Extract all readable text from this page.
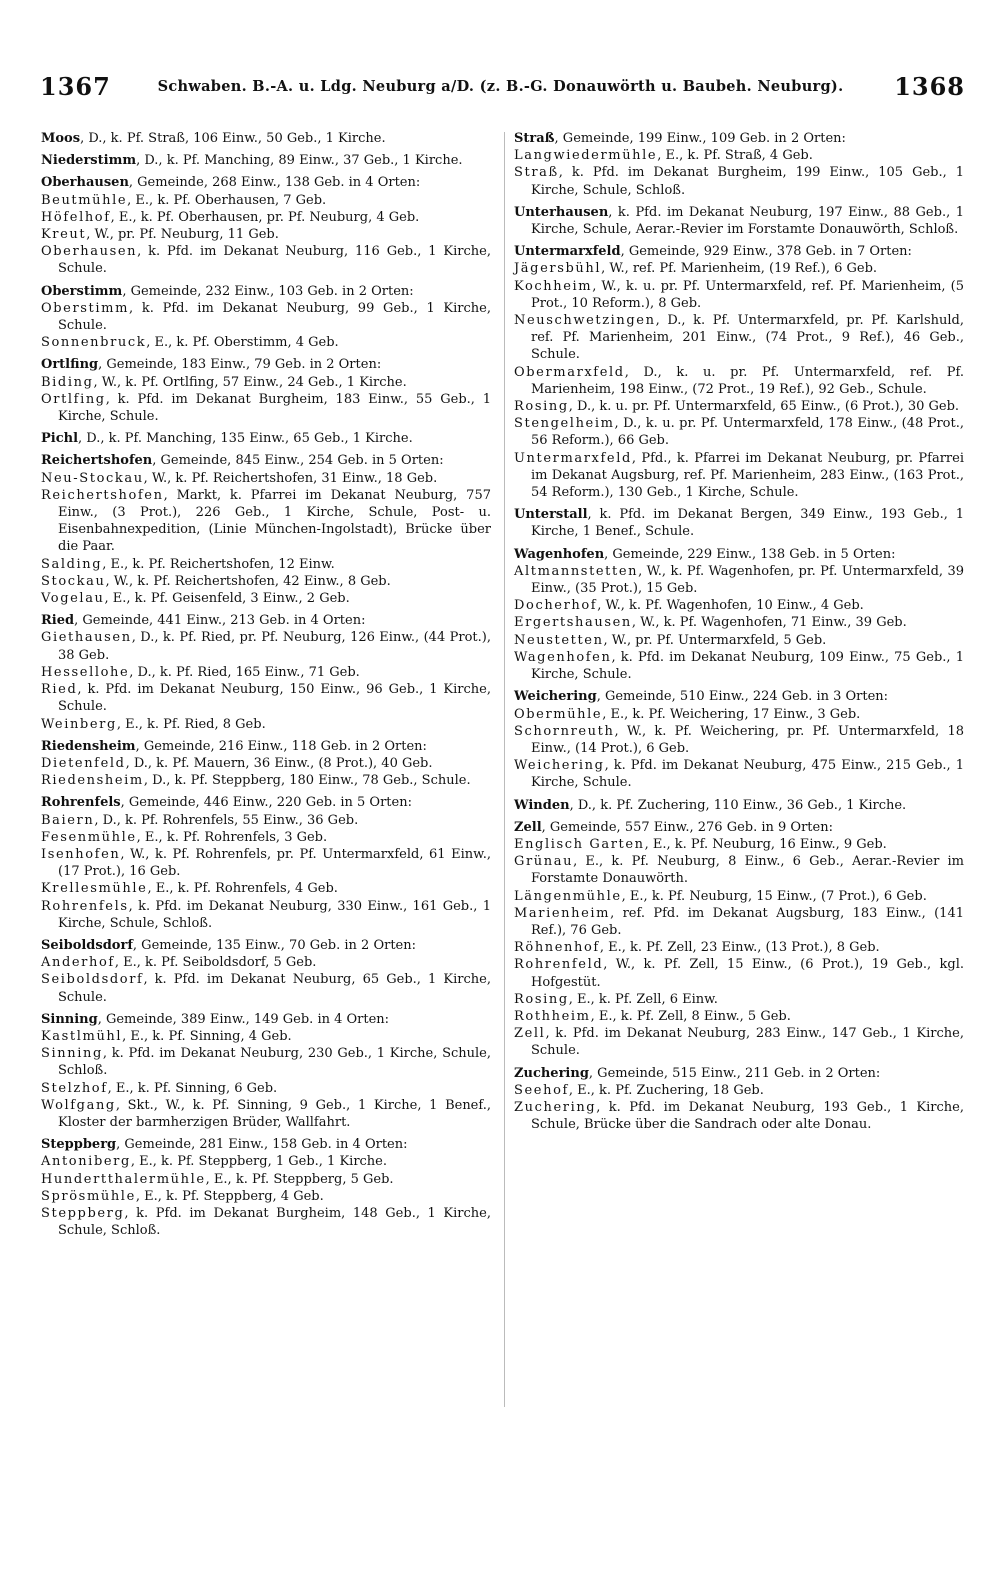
1367	Schwaben. B.-A. u. Ldg. Neuburg a/D. (z. B.-G. Donauwörth u. Baubeh. Neuburg).	1368
Moos, D., k. Pf. Straß, 106 Einw., 50 Geb., 1 Kirche.
Niederstimm, D., k. Pf. Manching, 89 Einw., 37 Geb., 1 Kirche.
Oberhausen, Gemeinde, 268 Einw., 138 Geb. in 4 Orten:
Beutmühle, E., k. Pf. Oberhausen, 7 Geb.
Höfelhof, E., k. Pf. Oberhausen, pr. Pf. Neuburg, 4 Geb.
Kreut, W., pr. Pf. Neuburg, 11 Geb.
Oberhausen, k. Pfd. im Dekanat Neuburg, 116 Geb., 1 Kirche, Schule.
Oberstimm, Gemeinde, 232 Einw., 103 Geb. in 2 Orten:
Oberstimm, k. Pfd. im Dekanat Neuburg, 99 Geb., 1 Kirche, Schule.
Sonnenbruck, E., k. Pf. Oberstimm, 4 Geb.
Ortlfing, Gemeinde, 183 Einw., 79 Geb. in 2 Orten:
Biding, W., k. Pf. Ortlfing, 57 Einw., 24 Geb., 1 Kirche.
Ortlfing, k. Pfd. im Dekanat Burgheim, 183 Einw., 55 Geb., 1 Kirche, Schule.
Pichl, D., k. Pf. Manching, 135 Einw., 65 Geb., 1 Kirche.
Reichertshofen, Gemeinde, 845 Einw., 254 Geb. in 5 Orten:
Neu-Stockau, W., k. Pf. Reichertshofen, 31 Einw., 18 Geb.
Reichertshofen, Markt, k. Pfarrei im Dekanat Neuburg, 757 Einw., (3 Prot.), 226 Geb., 1 Kirche, Schule, Post- u. Eisenbahnexpedition, (Linie München-Ingolstadt), Brücke über die Paar.
Salding, E., k. Pf. Reichertshofen, 12 Einw.
Stockau, W., k. Pf. Reichertshofen, 42 Einw., 8 Geb.
Vogelau, E., k. Pf. Geisenfeld, 3 Einw., 2 Geb.
Ried, Gemeinde, 441 Einw., 213 Geb. in 4 Orten:
Giethausen, D., k. Pf. Ried, pr. Pf. Neuburg, 126 Einw., (44 Prot.), 38 Geb.
Hessellohe, D., k. Pf. Ried, 165 Einw., 71 Geb.
Ried, k. Pfd. im Dekanat Neuburg, 150 Einw., 96 Geb., 1 Kirche, Schule.
Weinberg, E., k. Pf. Ried, 8 Geb.
Riedensheim, Gemeinde, 216 Einw., 118 Geb. in 2 Orten:
Dietenfeld, D., k. Pf. Mauern, 36 Einw., (8 Prot.), 40 Geb.
Riedensheim, D., k. Pf. Steppberg, 180 Einw., 78 Geb., Schule.
Rohrenfels, Gemeinde, 446 Einw., 220 Geb. in 5 Orten:
Baiern, D., k. Pf. Rohrenfels, 55 Einw., 36 Geb.
Fesenmühle, E., k. Pf. Rohrenfels, 3 Geb.
Isenhofen, W., k. Pf. Rohrenfels, pr. Pf. Untermarxfeld, 61 Einw., (17 Prot.), 16 Geb.
Krellesmühle, E., k. Pf. Rohrenfels, 4 Geb.
Rohrenfels, k. Pfd. im Dekanat Neuburg, 330 Einw., 161 Geb., 1 Kirche, Schule, Schloß.
Seiboldsdorf, Gemeinde, 135 Einw., 70 Geb. in 2 Orten:
Anderhof, E., k. Pf. Seiboldsdorf, 5 Geb.
Seiboldsdorf, k. Pfd. im Dekanat Neuburg, 65 Geb., 1 Kirche, Schule.
Sinning, Gemeinde, 389 Einw., 149 Geb. in 4 Orten:
Kastlmühl, E., k. Pf. Sinning, 4 Geb.
Sinning, k. Pfd. im Dekanat Neuburg, 230 Geb., 1 Kirche, Schule, Schloß.
Stelzhof, E., k. Pf. Sinning, 6 Geb.
Wolfgang, Skt., W., k. Pf. Sinning, 9 Geb., 1 Kirche, 1 Benef., Kloster der barmherzigen Brüder, Wallfahrt.
Steppberg, Gemeinde, 281 Einw., 158 Geb. in 4 Orten:
Antoniberg, E., k. Pf. Steppberg, 1 Geb., 1 Kirche.
Hundertthalermühle, E., k. Pf. Steppberg, 5 Geb.
Sprösmühle, E., k. Pf. Steppberg, 4 Geb.
Steppberg, k. Pfd. im Dekanat Burgheim, 148 Geb., 1 Kirche, Schule, Schloß.
Straß, Gemeinde, 199 Einw., 109 Geb. in 2 Orten:
Langwiedermühle, E., k. Pf. Straß, 4 Geb.
Straß, k. Pfd. im Dekanat Burgheim, 199 Einw., 105 Geb., 1 Kirche, Schule, Schloß.
Unterhausen, k. Pfd. im Dekanat Neuburg, 197 Einw., 88 Geb., 1 Kirche, Schule, Aerar.-Revier im Forstamte Donauwörth, Schloß.
Untermarxfeld, Gemeinde, 929 Einw., 378 Geb. in 7 Orten:
Jägersbühl, W., ref. Pf. Marienheim, (19 Ref.), 6 Geb.
Kochheim, W., k. u. pr. Pf. Untermarxfeld, ref. Pf. Marienheim, (5 Prot., 10 Reform.), 8 Geb.
Neuschwetzingen, D., k. Pf. Untermarxfeld, pr. Pf. Karlshuld, ref. Pf. Marienheim, 201 Einw., (74 Prot., 9 Ref.), 46 Geb., Schule.
Obermarxfeld, D., k. u. pr. Pf. Untermarxfeld, ref. Pf. Marienheim, 198 Einw., (72 Prot., 19 Ref.), 92 Geb., Schule.
Rosing, D., k. u. pr. Pf. Untermarxfeld, 65 Einw., (6 Prot.), 30 Geb.
Stengelheim, D., k. u. pr. Pf. Untermarxfeld, 178 Einw., (48 Prot., 56 Reform.), 66 Geb.
Untermarxfeld, Pfd., k. Pfarrei im Dekanat Neuburg, pr. Pfarrei im Dekanat Augsburg, ref. Pf. Marienheim, 283 Einw., (163 Prot., 54 Reform.), 130 Geb., 1 Kirche, Schule.
Unterstall, k. Pfd. im Dekanat Bergen, 349 Einw., 193 Geb., 1 Kirche, 1 Benef., Schule.
Wagenhofen, Gemeinde, 229 Einw., 138 Geb. in 5 Orten:
Altmannstetten, W., k. Pf. Wagenhofen, pr. Pf. Untermarxfeld, 39 Einw., (35 Prot.), 15 Geb.
Docherhof, W., k. Pf. Wagenhofen, 10 Einw., 4 Geb.
Ergertshausen, W., k. Pf. Wagenhofen, 71 Einw., 39 Geb.
Neustetten, W., pr. Pf. Untermarxfeld, 5 Geb.
Wagenhofen, k. Pfd. im Dekanat Neuburg, 109 Einw., 75 Geb., 1 Kirche, Schule.
Weichering, Gemeinde, 510 Einw., 224 Geb. in 3 Orten:
Obermühle, E., k. Pf. Weichering, 17 Einw., 3 Geb.
Schornreuth, W., k. Pf. Weichering, pr. Pf. Untermarxfeld, 18 Einw., (14 Prot.), 6 Geb.
Weichering, k. Pfd. im Dekanat Neuburg, 475 Einw., 215 Geb., 1 Kirche, Schule.
Winden, D., k. Pf. Zuchering, 110 Einw., 36 Geb., 1 Kirche.
Zell, Gemeinde, 557 Einw., 276 Geb. in 9 Orten:
Englisch Garten, E., k. Pf. Neuburg, 16 Einw., 9 Geb.
Grünau, E., k. Pf. Neuburg, 8 Einw., 6 Geb., Aerar.-Revier im Forstamte Donauwörth.
Längenmühle, E., k. Pf. Neuburg, 15 Einw., (7 Prot.), 6 Geb.
Marienheim, ref. Pfd. im Dekanat Augsburg, 183 Einw., (141 Ref.), 76 Geb.
Röhnenhof, E., k. Pf. Zell, 23 Einw., (13 Prot.), 8 Geb.
Rohrenfeld, W., k. Pf. Zell, 15 Einw., (6 Prot.), 19 Geb., kgl. Hofgestüt.
Rosing, E., k. Pf. Zell, 6 Einw.
Rothheim, E., k. Pf. Zell, 8 Einw., 5 Geb.
Zell, k. Pfd. im Dekanat Neuburg, 283 Einw., 147 Geb., 1 Kirche, Schule.
Zuchering, Gemeinde, 515 Einw., 211 Geb. in 2 Orten:
Seehof, E., k. Pf. Zuchering, 18 Geb.
Zuchering, k. Pfd. im Dekanat Neuburg, 193 Geb., 1 Kirche, Schule, Brücke über die Sandrach oder alte Donau.
